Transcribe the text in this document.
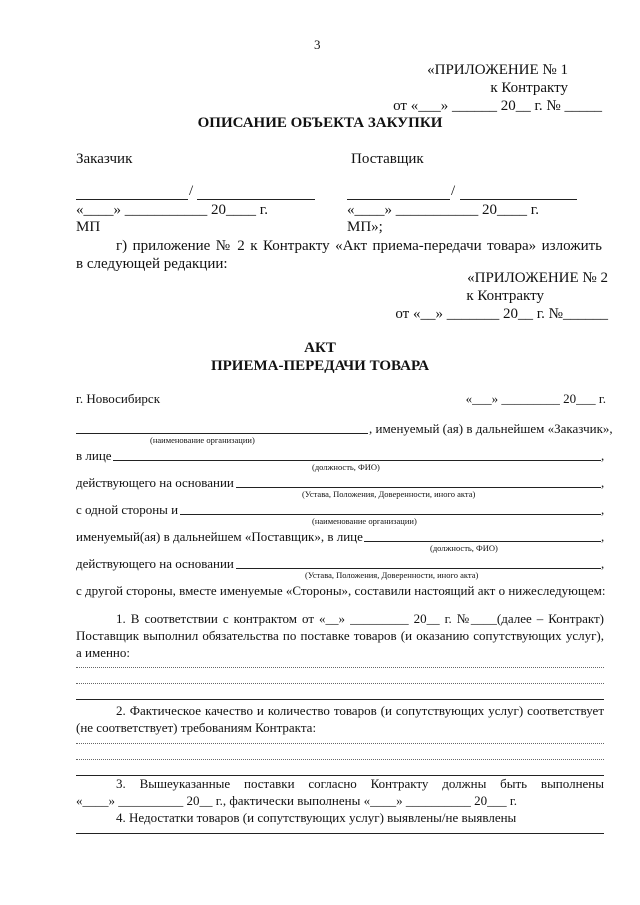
3
«ПРИЛОЖЕНИЕ № 1
к Контракту
от «___» ______ 20__ г. № _____
ОПИСАНИЕ ОБЪЕКТА ЗАКУПКИ
Заказчик	Поставщик
/	/
«____» ___________ 20____ г.	«____» ___________ 20____ г.
МП	МП»;
г) приложение № 2 к Контракту «Акт приема-передачи товара» изложить
в следующей редакции:
«ПРИЛОЖЕНИЕ № 2
к Контракту
от «__» _______ 20__ г. №______
АКТ
ПРИЕМА-ПЕРЕДАЧИ ТОВАРА
г. Новосибирск	«___» _________ 20___ г.
, именуемый (ая) в дальнейшем «Заказчик»,
(наименование организации)
в лице	,
(должность, ФИО)
действующего на основании	,
(Устава, Положения, Доверенности, иного акта)
с одной стороны и	,
(наименование организации)
именуемый(ая) в дальнейшем «Поставщик», в лице	,
(должность, ФИО)
действующего на основании	,
(Устава, Положения, Доверенности, иного акта)
с другой стороны, вместе именуемые «Стороны», составили настоящий акт о нижеследующем:
1. В соответствии с контрактом от «__» _________ 20__ г. №____(далее – Контракт)
Поставщик выполнил обязательства по поставке товаров (и оказанию сопутствующих услуг),
а именно:
2. Фактическое качество и количество товаров (и сопутствующих услуг) соответствует
(не соответствует) требованиям Контракта:
3. Вышеуказанные поставки согласно Контракту должны быть выполнены
«____» __________ 20__ г., фактически выполнены «____» __________ 20___ г.
4. Недостатки товаров (и сопутствующих услуг) выявлены/не выявлены
